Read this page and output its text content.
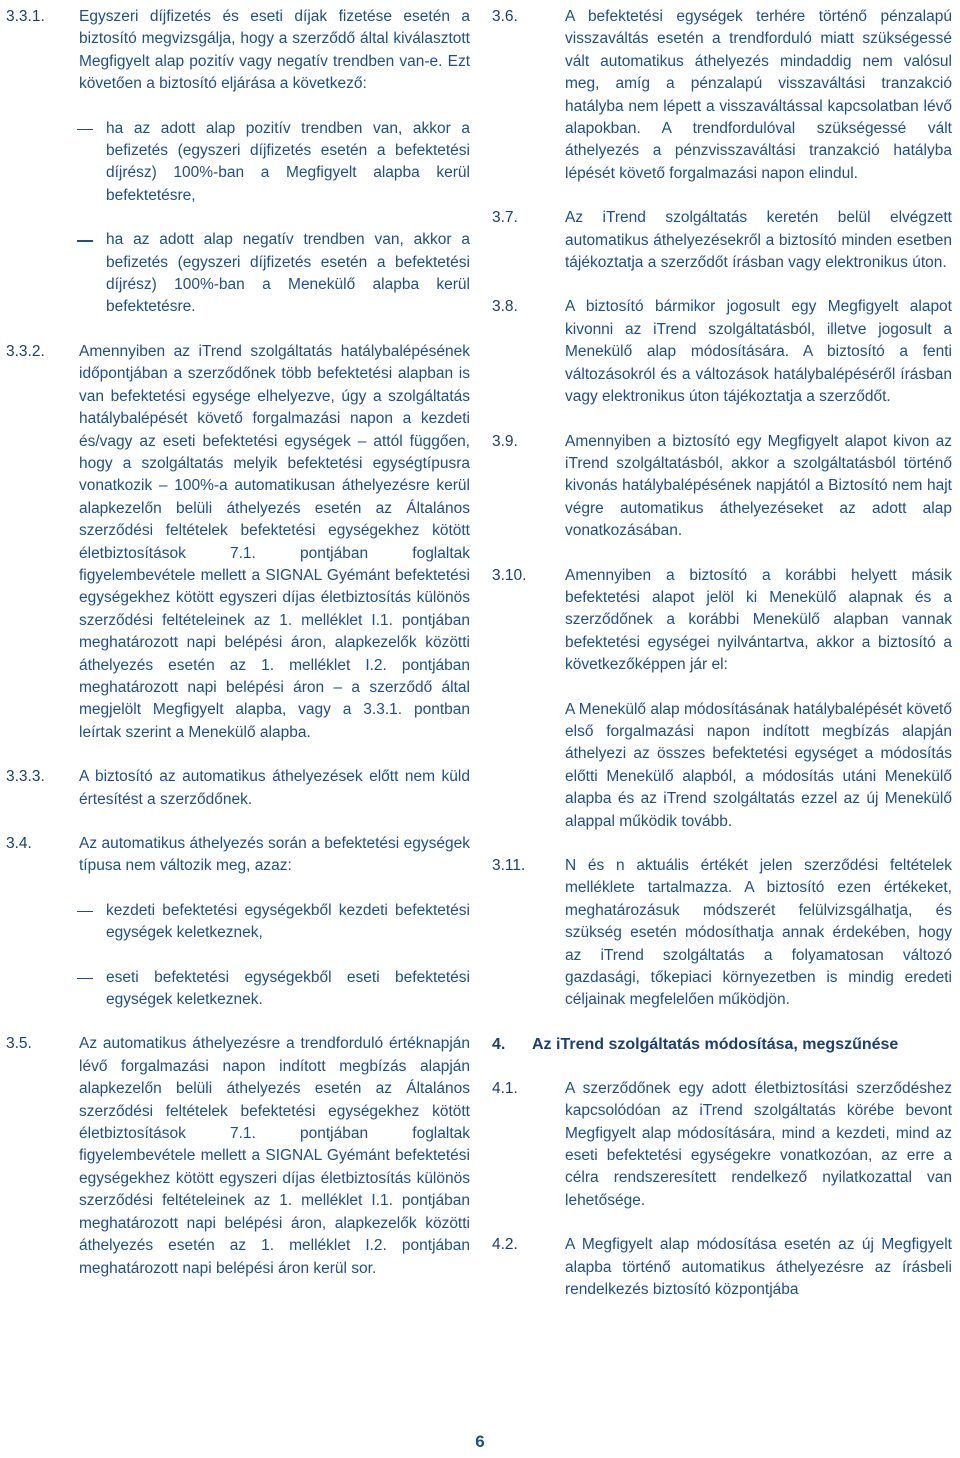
3.3.1. Egyszeri díjfizetés és eseti díjak fizetése esetén a biztosító megvizsgálja, hogy a szerződő által kiválasztott Megfigyelt alap pozitív vagy negatív trendben van-e. Ezt követően a biztosító eljárása a következő:

ha az adott alap pozitív trendben van, akkor a befizetés (egyszeri díjfizetés esetén a befektetési díjrész) 100%-ban a Megfigyelt alapba kerül befektetésre,
ha az adott alap negatív trendben van, akkor a befizetés (egyszeri díjfizetés esetén a befektetési díjrész) 100%-ban a Menekülő alapba kerül befektetésre.
3.3.2. Amennyiben az iTrend szolgáltatás hatálybalépésének időpontjában a szerződőnek több befektetési alapban is van befektetési egysége elhelyezve, úgy a szolgáltatás hatálybalépését követő forgalmazási napon a kezdeti és/vagy az eseti befektetési egységek – attól függően, hogy a szolgáltatás melyik befektetési egységtípusra vonatkozik – 100%-a automatikusan áthelyezésre kerül alapkezelőn belüli áthelyezés esetén az Általános szerződési feltételek befektetési egységekhez kötött életbiztosítások 7.1. pontjában foglaltak figyelembevétele mellett a SIGNAL Gyémánt befektetési egységekhez kötött egyszeri díjas életbiztosítás különös szerződési feltételeinek az 1. melléklet I.1. pontjában meghatározott napi belépési áron, alapkezelők közötti áthelyezés esetén az 1. melléklet I.2. pontjában meghatározott napi belépési áron – a szerződő által megjelölt Megfigyelt alapba, vagy a 3.3.1. pontban leírtak szerint a Menekülő alapba.

3.3.3. A biztosító az automatikus áthelyezések előtt nem küld értesítést a szerződőnek.

3.4.	Az automatikus áthelyezés során a befektetési egységek típusa nem változik meg, azaz:

kezdeti befektetési egységekből kezdeti befektetési egységek keletkeznek,
eseti befektetési egységekből eseti befektetési egységek keletkeznek.
3.5.	Az automatikus áthelyezésre a trendforduló értéknapján lévő forgalmazási napon indított megbízás alapján alapkezelőn belüli áthelyezés esetén az Általános szerződési feltételek befektetési egységekhez kötött életbiztosítások 7.1. pontjában foglaltak figyelembevétele mellett a SIGNAL Gyémánt befektetési egységekhez kötött egyszeri díjas életbiztosítás különös szerződési feltételeinek az 1. melléklet I.1. pontjában meghatározott napi belépési áron, alapkezelők közötti áthelyezés esetén az 1. melléklet I.2. pontjában meghatározott napi belépési áron kerül sor.

3.6.	A befektetési egységek terhére történő pénzalapú visszaváltás esetén a trendforduló miatt szükségessé vált automatikus áthelyezés mindaddig nem valósul meg, amíg a pénzalapú visszaváltási tranzakció hatályba nem lépett a visszaváltással kapcsolatban lévő alapokban. A trendfordulóval szükségessé vált áthelyezés a pénzvisszaváltási tranzakció hatályba lépését követő forgalmazási napon elindul.

3.7.	Az iTrend szolgáltatás keretén belül elvégzett automatikus áthelyezésekről a biztosító minden esetben tájékoztatja a szerződőt írásban vagy elektronikus úton.

3.8.	A biztosító bármikor jogosult egy Megfigyelt alapot kivonni az iTrend szolgáltatásból, illetve jogosult a Menekülő alap módosítására. A biztosító a fenti változásokról és a változások hatálybalépéséről írásban vagy elektronikus úton tájékoztatja a szerződőt.

3.9.	Amennyiben a biztosító egy Megfigyelt alapot kivon az iTrend szolgáltatásból, akkor a szolgáltatásból történő kivonás hatálybalépésének napjától a Biztosító nem hajt végre automatikus áthelyezéseket az adott alap vonatkozásában.

3.10. Amennyiben a biztosító a korábbi helyett másik befektetési alapot jelöl ki Menekülő alapnak és a szerződőnek a korábbi Menekülő alapban vannak befektetési egységei nyilvántartva, akkor a biztosító a következőképpen jár el:

A Menekülő alap módosításának hatálybalépését követő első forgalmazási napon indított megbízás alapján áthelyezi az összes befektetési egységet a módosítás előtti Menekülő alapból, a módosítás utáni Menekülő alapba és az iTrend szolgáltatás ezzel az új Menekülő alappal működik tovább.

3.11.	N és n aktuális értékét jelen szerződési feltételek melléklete tartalmazza. A biztosító ezen értékeket, meghatározásuk módszerét felülvizsgálhatja, és szükség esetén módosíthatja annak érdekében, hogy az iTrend szolgáltatás a folyamatosan változó gazdasági, tőkepiaci környezetben is mindig eredeti céljainak megfelelően működjön.

4. Az iTrend szolgáltatás módosítása, megszűnése
4.1.	A szerződőnek egy adott életbiztosítási szerződéshez kapcsolódóan az iTrend szolgáltatás körébe bevont Megfigyelt alap módosítására, mind a kezdeti, mind az eseti befektetési egységekre vonatkozóan, az erre a célra rendszeresített rendelkező nyilatkozattal van lehetősége.

4.2.	A Megfigyelt alap módosítása esetén az új Megfigyelt alapba történő automatikus áthelyezésre az írásbeli rendelkezés biztosító központjába

6
